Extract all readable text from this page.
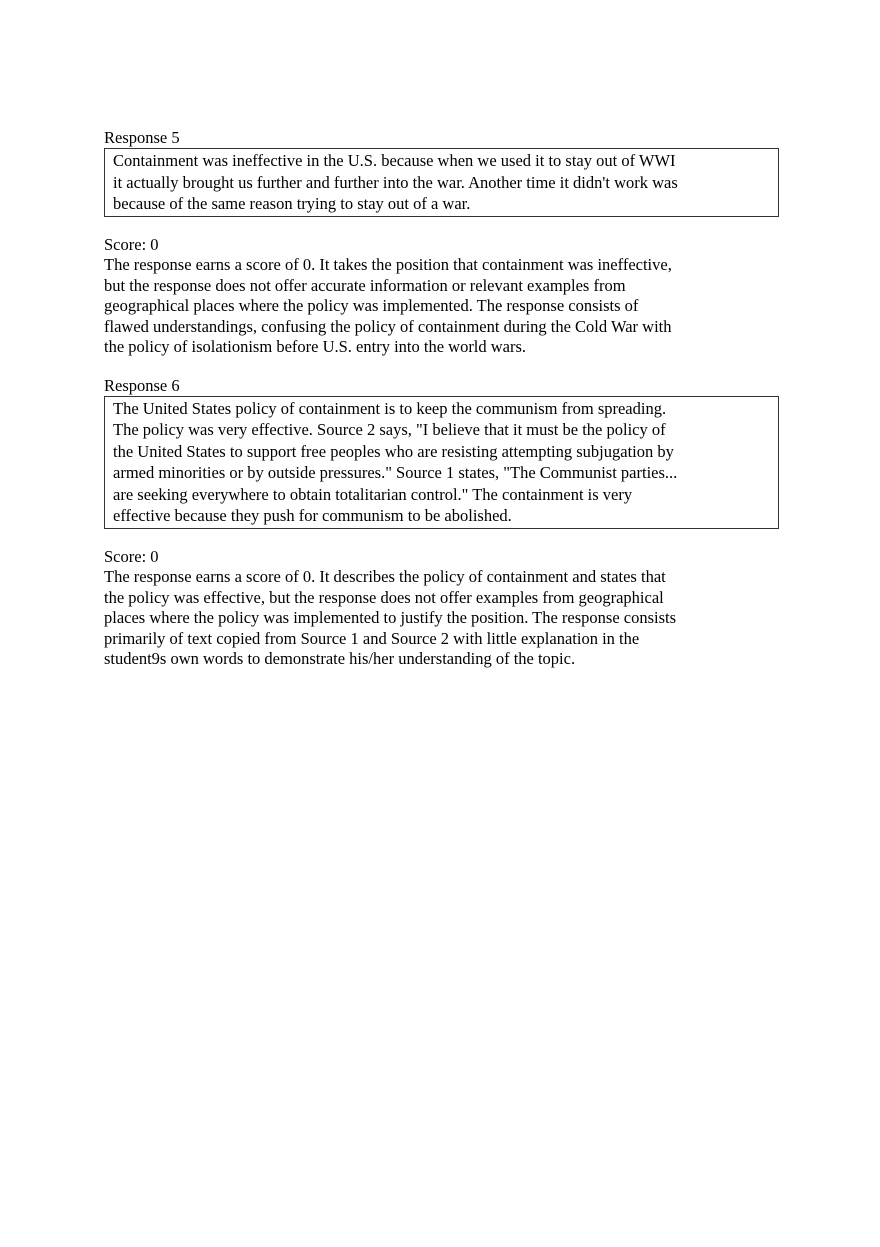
Response 5

Containment was ineffective in the U.S. because when we used it to stay out of WWI
it actually brought us further and further into the war. Another time it didn't work was
because of the same reason trying to stay out of a war.

Score: 0

The response earns a score of 0. It takes the position that containment was ineffective,
but the response does not offer accurate information or relevant examples from
geographical places where the policy was implemented. The response consists of
flawed understandings, confusing the policy of containment during the Cold War with
the policy of isolationism before U.S. entry into the world wars.

Response 6

The United States policy of containment is to keep the communism from spreading.
The policy was very effective. Source 2 says, "I believe that it must be the policy of
the United States to support free peoples who are resisting attempting subjugation by
armed minorities or by outside pressures." Source 1 states, "The Communist parties...
are seeking everywhere to obtain totalitarian control." The containment is very
effective because they push for communism to be abolished.

Score: 0

The response earns a score of 0. It describes the policy of containment and states that
the policy was effective, but the response does not offer examples from geographical
places where the policy was implemented to justify the position. The response consists
primarily of text copied from Source 1 and Source 2 with little explanation in the
student9s own words to demonstrate his/her understanding of the topic.
